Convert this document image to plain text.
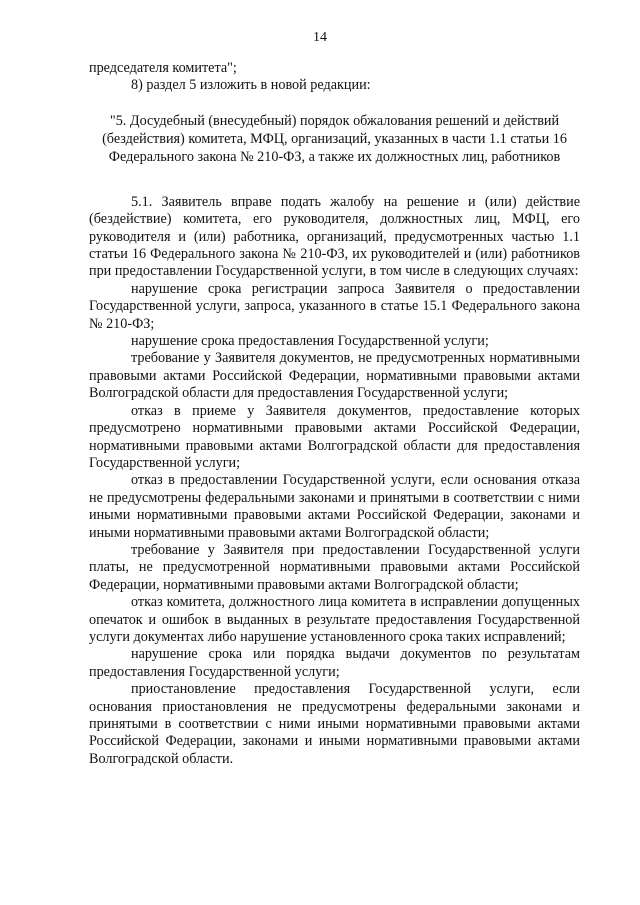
14

председателя комитета";

8) раздел 5 изложить в новой редакции:

"5. Досудебный (внесудебный) порядок обжалования решений и действий (бездействия) комитета, МФЦ, организаций, указанных в части 1.1 статьи 16 Федерального закона № 210-ФЗ, а также их должностных лиц, работников

5.1. Заявитель вправе подать жалобу на решение и (или) действие (бездействие) комитета, его руководителя, должностных лиц, МФЦ, его руководителя и (или) работника, организаций, предусмотренных частью 1.1 статьи 16 Федерального закона № 210-ФЗ, их руководителей и (или) работников при предоставлении Государственной услуги, в том числе в следующих случаях:

нарушение срока регистрации запроса Заявителя о предоставлении Государственной услуги, запроса, указанного в статье 15.1 Федерального закона № 210-ФЗ;

нарушение срока предоставления Государственной услуги;

требование у Заявителя документов, не предусмотренных нормативными правовыми актами Российской Федерации, нормативными правовыми актами Волгоградской области для предоставления Государственной услуги;

отказ в приеме у Заявителя документов, предоставление которых предусмотрено нормативными правовыми актами Российской Федерации, нормативными правовыми актами Волгоградской области для предоставления Государственной услуги;

отказ в предоставлении Государственной услуги, если основания отказа не предусмотрены федеральными законами и принятыми в соответствии с ними иными нормативными правовыми актами Российской Федерации, законами и иными нормативными правовыми актами Волгоградской области;

требование у Заявителя при предоставлении Государственной услуги платы, не предусмотренной нормативными правовыми актами Российской Федерации, нормативными правовыми актами Волгоградской области;

отказ комитета, должностного лица комитета в исправлении допущенных опечаток и ошибок в выданных в результате предоставления Государственной услуги документах либо нарушение установленного срока таких исправлений;

нарушение срока или порядка выдачи документов по результатам предоставления Государственной услуги;

приостановление предоставления Государственной услуги, если основания приостановления не предусмотрены федеральными законами и принятыми в соответствии с ними иными нормативными правовыми актами Российской Федерации, законами и иными нормативными правовыми актами Волгоградской области.
